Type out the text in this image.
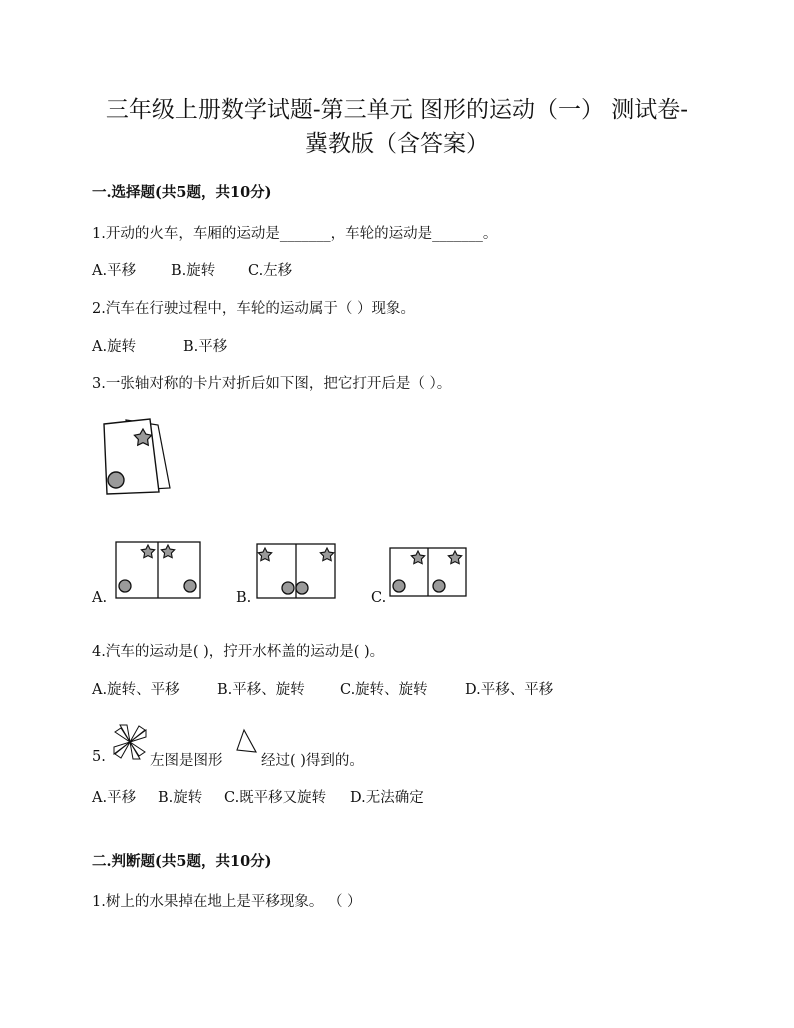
三年级上册数学试题-第三单元 图形的运动（一） 测试卷-
冀教版（含答案）
一.选择题(共5题，共10分)
1.开动的火车，车厢的运动是_______，车轮的运动是_______。
A.平移 B.旋转 C.左移
2.汽车在行驶过程中，车轮的运动属于（ ）现象。
A.旋转	B.平移
3.一张轴对称的卡片对折后如下图，把它打开后是（ ）。
A.	B.	C.
4.汽车的运动是( )，拧开水杯盖的运动是( )。
A.旋转、平移	B.平移、旋转 C.旋转、旋转	D.平移、平移
5.	左图是图形	经过( )得到的。
A.平移 B.旋转 C.既平移又旋转 D.无法确定
二.判断题(共5题，共10分)
1.树上的水果掉在地上是平移现象。 （ ）
